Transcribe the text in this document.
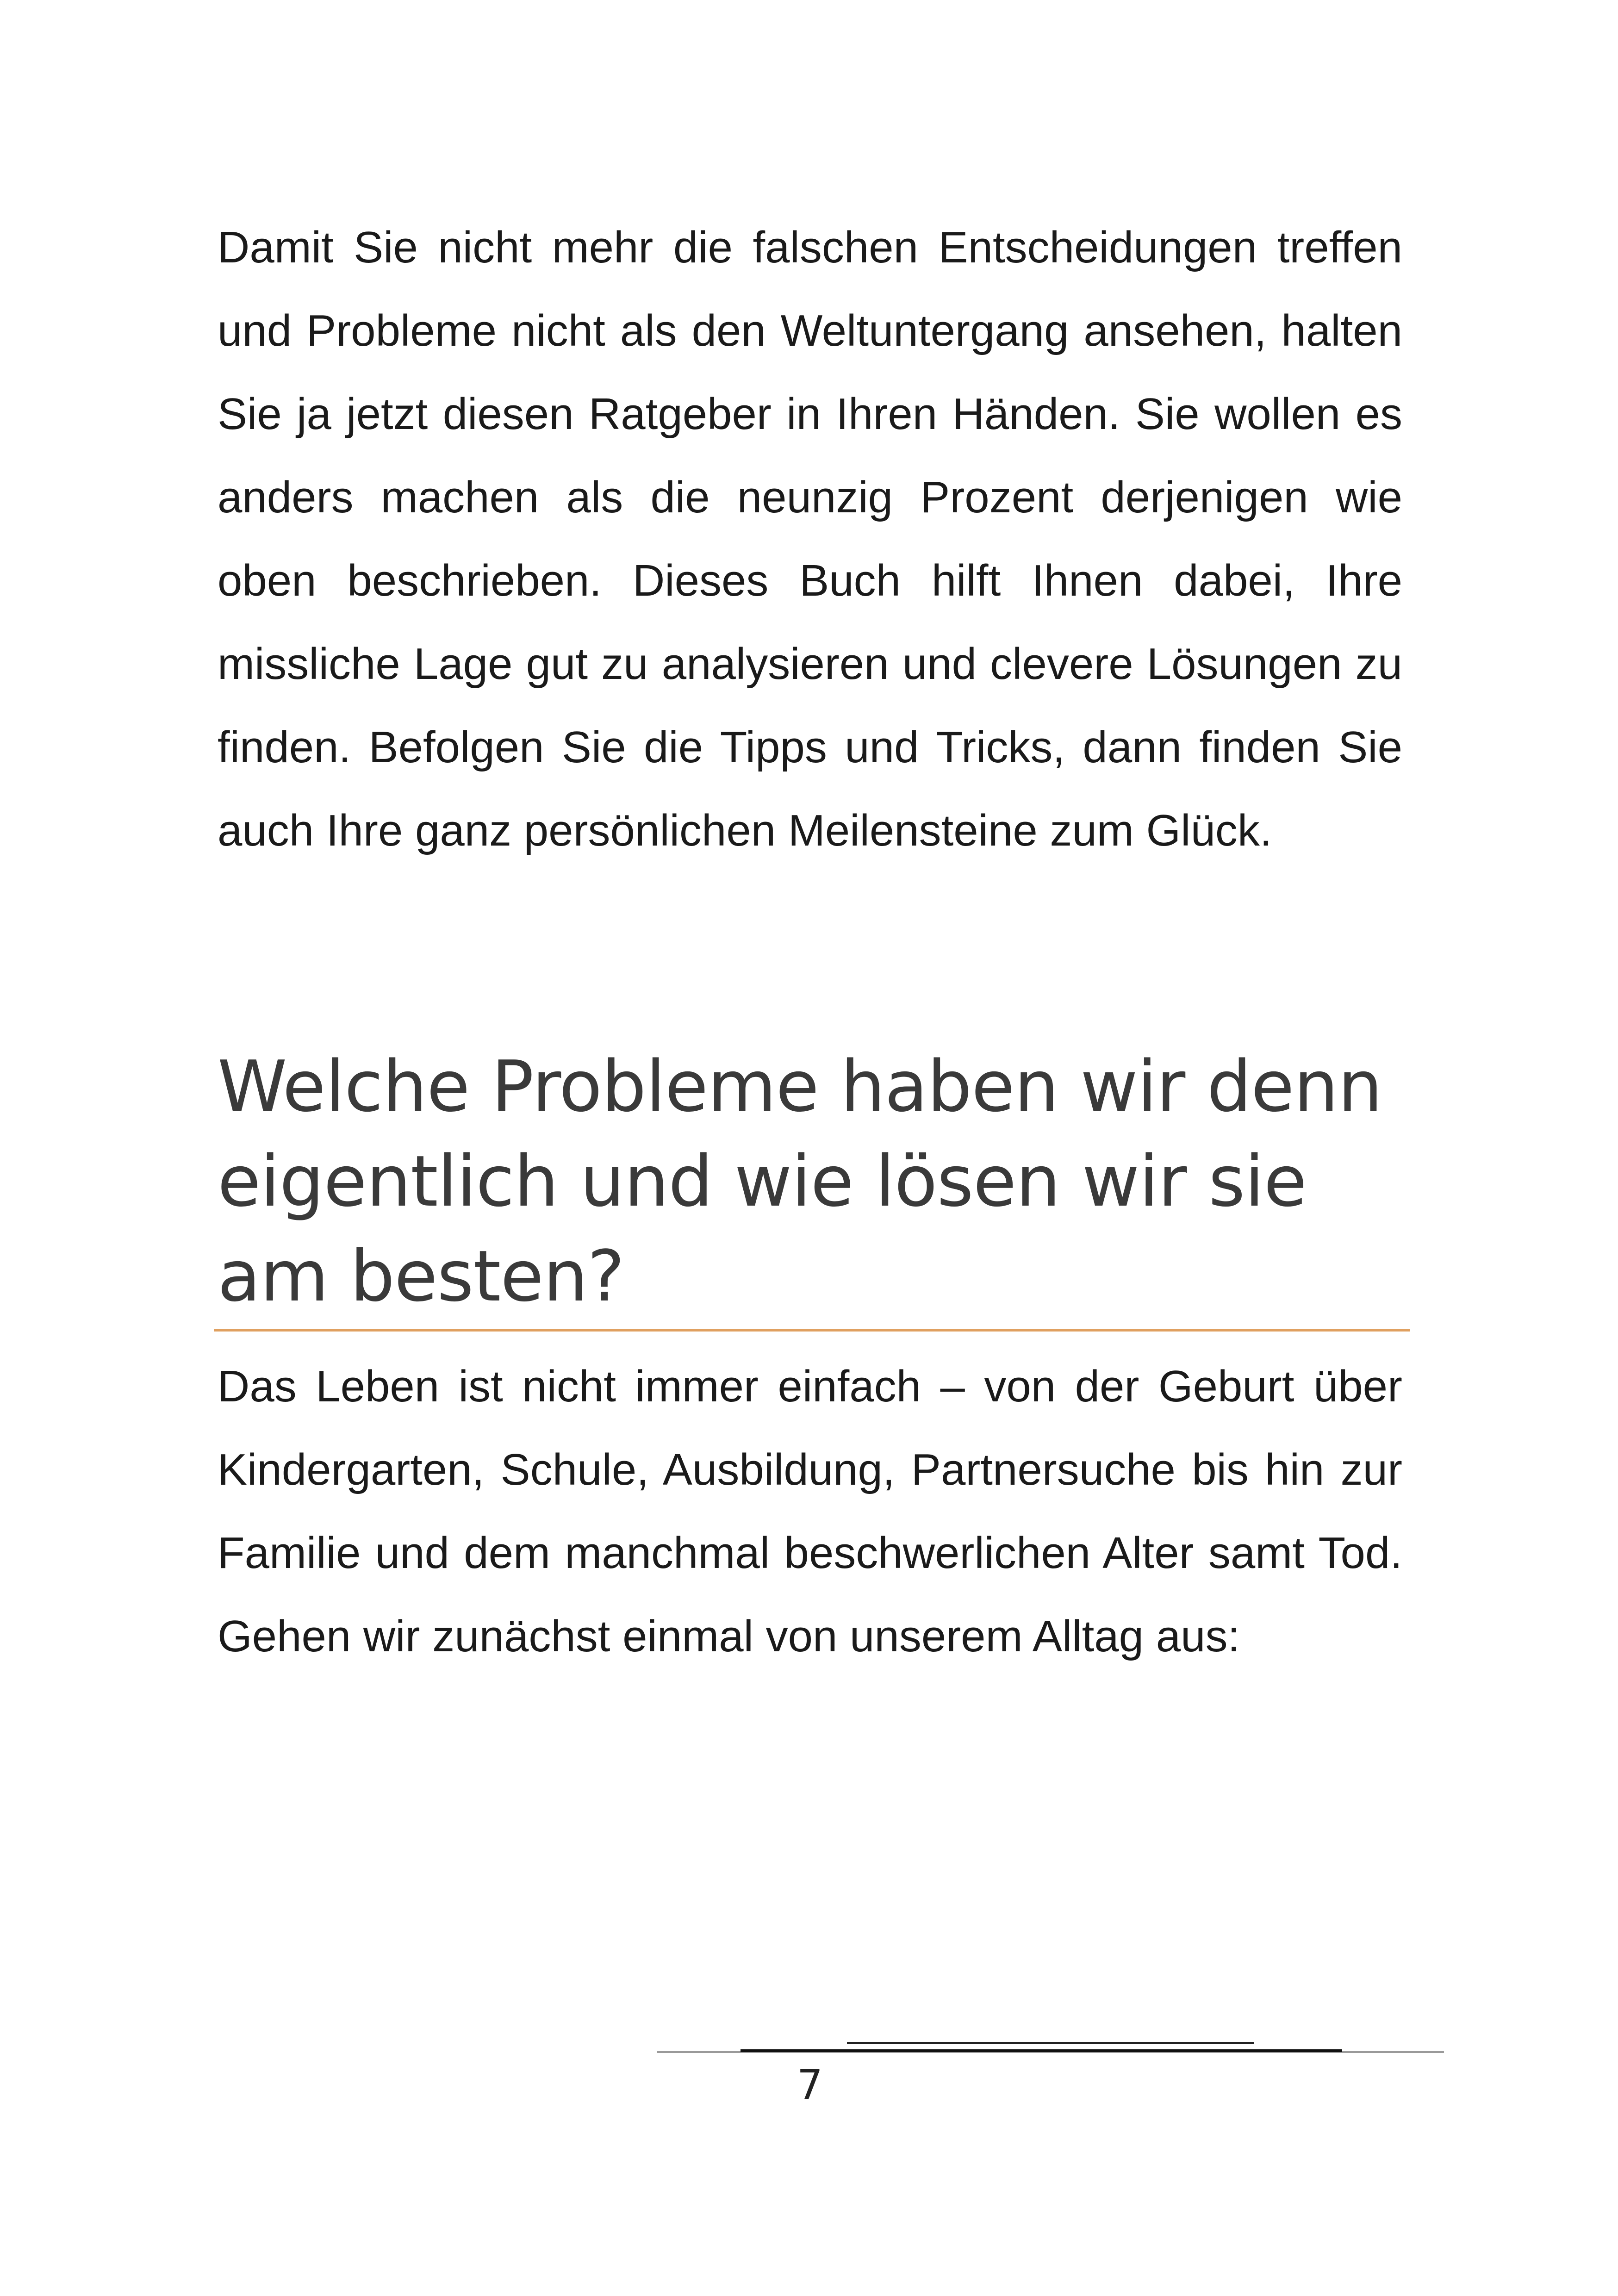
Damit Sie nicht mehr die falschen Entscheidungen treffen und Probleme nicht als den Weltuntergang ansehen, halten Sie ja jetzt diesen Ratgeber in Ihren Händen. Sie wollen es anders machen als die neunzig Prozent derjenigen wie oben beschrieben. Dieses Buch hilft Ihnen dabei, Ihre missliche Lage gut zu analysieren und clevere Lösungen zu finden. Befolgen Sie die Tipps und Tricks, dann finden Sie auch Ihre ganz persönlichen Meilensteine zum Glück.

Welche Probleme haben wir denn eigentlich und wie lösen wir sie am besten?

Das Leben ist nicht immer einfach – von der Geburt über Kindergarten, Schule, Ausbildung, Partnersuche bis hin zur Familie und dem manchmal beschwerlichen Alter samt Tod. Gehen wir zunächst einmal von unserem Alltag aus:

7
